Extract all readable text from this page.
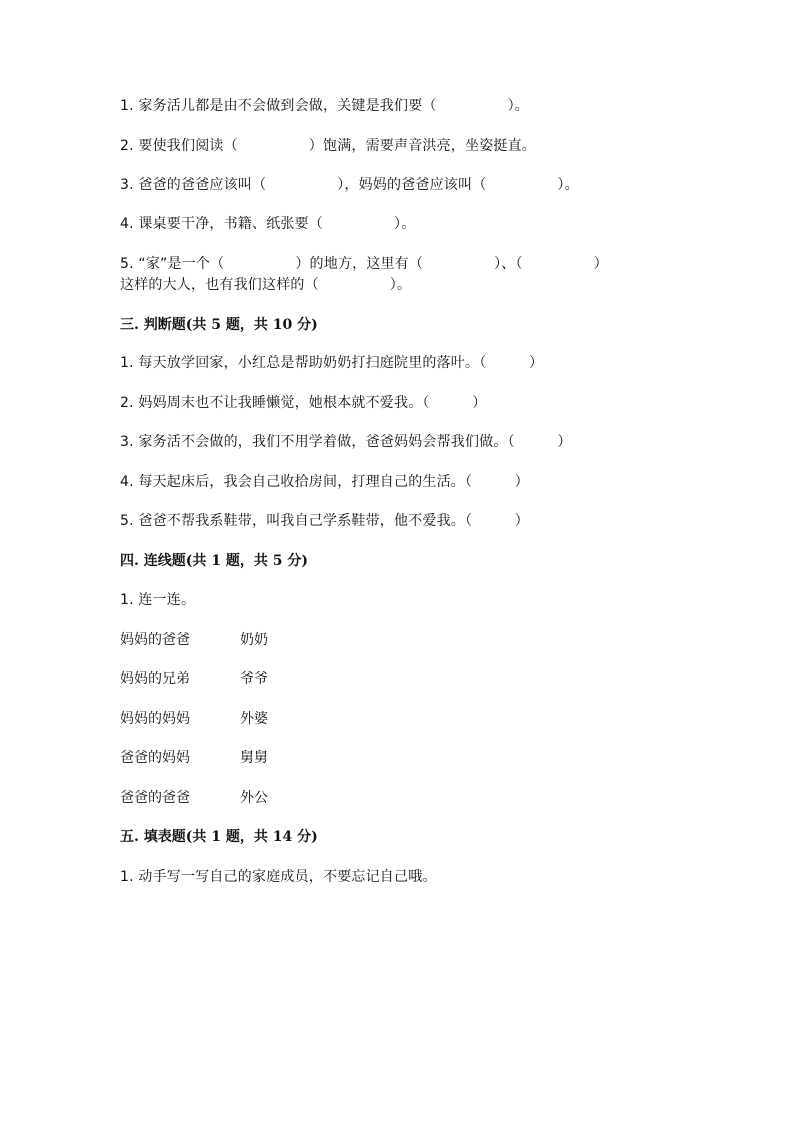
1. 家务活儿都是由不会做到会做，关键是我们要（　　　　　）。
2. 要使我们阅读（　　　　　）饱满，需要声音洪亮，坐姿挺直。
3. 爸爸的爸爸应该叫（　　　　　），妈妈的爸爸应该叫（　　　　　）。
4. 课桌要干净，书籍、纸张要（　　　　　）。
5. “家”是一个（　　　　　）的地方，这里有（　　　　　）、（　　　　　）
这样的大人，也有我们这样的（　　　　　）。
三. 判断题(共 5 题，共 10 分)
1. 每天放学回家，小红总是帮助奶奶打扫庭院里的落叶。（　　　）
2. 妈妈周末也不让我睡懒觉，她根本就不爱我。（　　　）
3. 家务活不会做的，我们不用学着做，爸爸妈妈会帮我们做。（　　　）
4. 每天起床后，我会自己收拾房间，打理自己的生活。（　　　）
5. 爸爸不帮我系鞋带，叫我自己学系鞋带，他不爱我。（　　　）
四. 连线题(共 1 题，共 5 分)
1. 连一连。
妈妈的爸爸	奶奶
妈妈的兄弟	爷爷
妈妈的妈妈	外婆
爸爸的妈妈	舅舅
爸爸的爸爸	外公
五. 填表题(共 1 题，共 14 分)
1. 动手写一写自己的家庭成员，不要忘记自己哦。
